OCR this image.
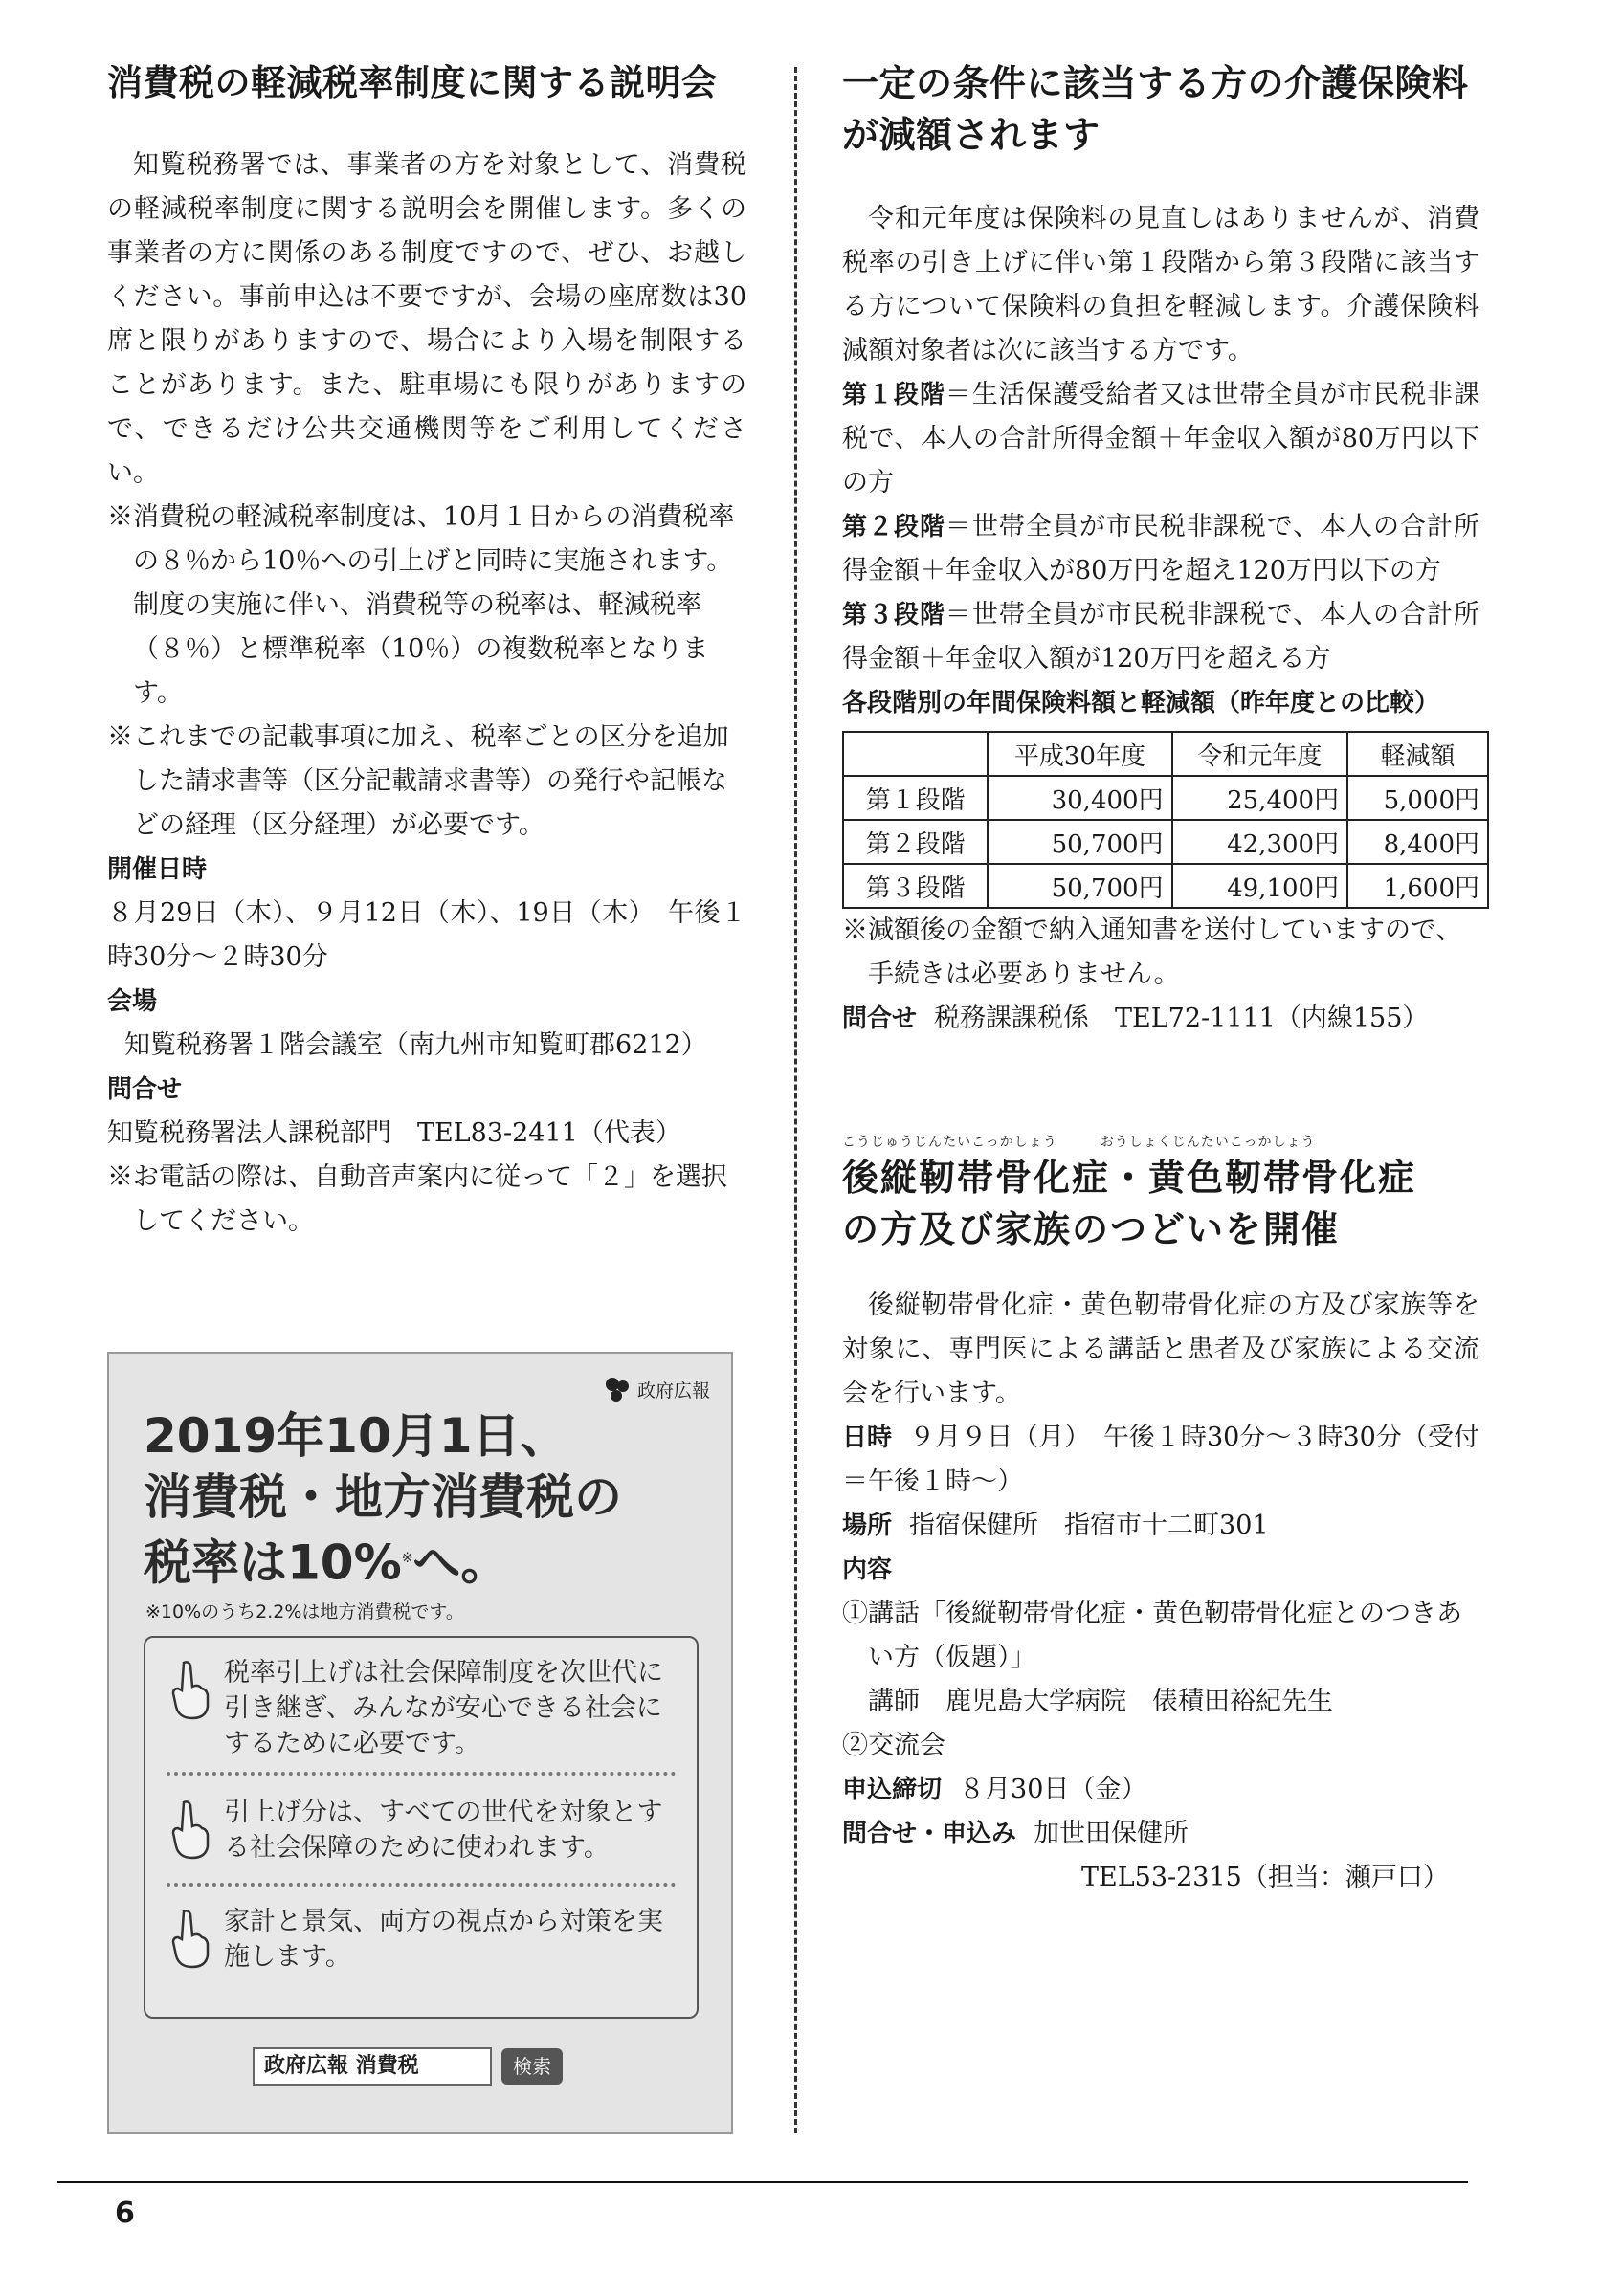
消費税の軽減税率制度に関する説明会

知覧税務署では、事業者の方を対象として、消費税の軽減税率制度に関する説明会を開催します。多くの事業者の方に関係のある制度ですので、ぜひ、お越しください。事前申込は不要ですが、会場の座席数は30席と限りがありますので、場合により入場を制限することがあります。また、駐車場にも限りがありますので、できるだけ公共交通機関等をご利用してください。

※消費税の軽減税率制度は、10月１日からの消費税率の８％から10％への引上げと同時に実施されます。制度の実施に伴い、消費税等の税率は、軽減税率（８％）と標準税率（10％）の複数税率となります。

※これまでの記載事項に加え、税率ごとの区分を追加した請求書等（区分記載請求書等）の発行や記帳などの経理（区分経理）が必要です。

開催日時

８月29日（木）、９月12日（木）、19日（木）　午後１時30分～２時30分

会場知覧税務署１階会議室（南九州市知覧町郡6212）

問合せ

知覧税務署法人課税部門　TEL83-2411（代表）

※お電話の際は、自動音声案内に従って「２」を選択してください。

政府広報
2019年10月1日、
消費税・地方消費税の
税率は10%※へ。
※10%のうち2.2%は地方消費税です。
税率引上げは社会保障制度を次世代に引き継ぎ、みんなが安心できる社会にするために必要です。
引上げ分は、すべての世代を対象とする社会保障のために使われます。
家計と景気、両方の視点から対策を実施します。
政府広報 消費税	検索
一定の条件に該当する方の介護保険料が減額されます

令和元年度は保険料の見直しはありませんが、消費税率の引き上げに伴い第１段階から第３段階に該当する方について保険料の負担を軽減します。介護保険料減額対象者は次に該当する方です。

第１段階＝生活保護受給者又は世帯全員が市民税非課税で、本人の合計所得金額＋年金収入額が80万円以下の方

第２段階＝世帯全員が市民税非課税で、本人の合計所得金額＋年金収入が80万円を超え120万円以下の方

第３段階＝世帯全員が市民税非課税で、本人の合計所得金額＋年金収入額が120万円を超える方

各段階別の年間保険料額と軽減額（昨年度との比較）

	平成30年度	令和元年度	軽減額
第１段階	30,400円	25,400円	5,000円
第２段階	50,700円	42,300円	8,400円
第３段階	50,700円	49,100円	1,600円

※減額後の金額で納入通知書を送付していますので、手続きは必要ありません。

問合せ 税務課課税係　TEL72-1111（内線155）

こうじゅうじんたいこっかしょう　　　おうしょくじんたいこっかしょう
後縦靭帯骨化症・黄色靭帯骨化症
の方及び家族のつどいを開催

後縦靭帯骨化症・黄色靭帯骨化症の方及び家族等を対象に、専門医による講話と患者及び家族による交流会を行います。

日時 ９月９日（月）　午後１時30分～３時30分（受付＝午後１時～）

場所 指宿保健所　指宿市十二町301

内容

①講話「後縦靭帯骨化症・黄色靭帯骨化症とのつきあい方（仮題）」

講師　鹿児島大学病院　俵積田裕紀先生

②交流会

申込締切 ８月30日（金）

問合せ・申込み 加世田保健所

TEL53-2315（担当：瀬戸口）

6
